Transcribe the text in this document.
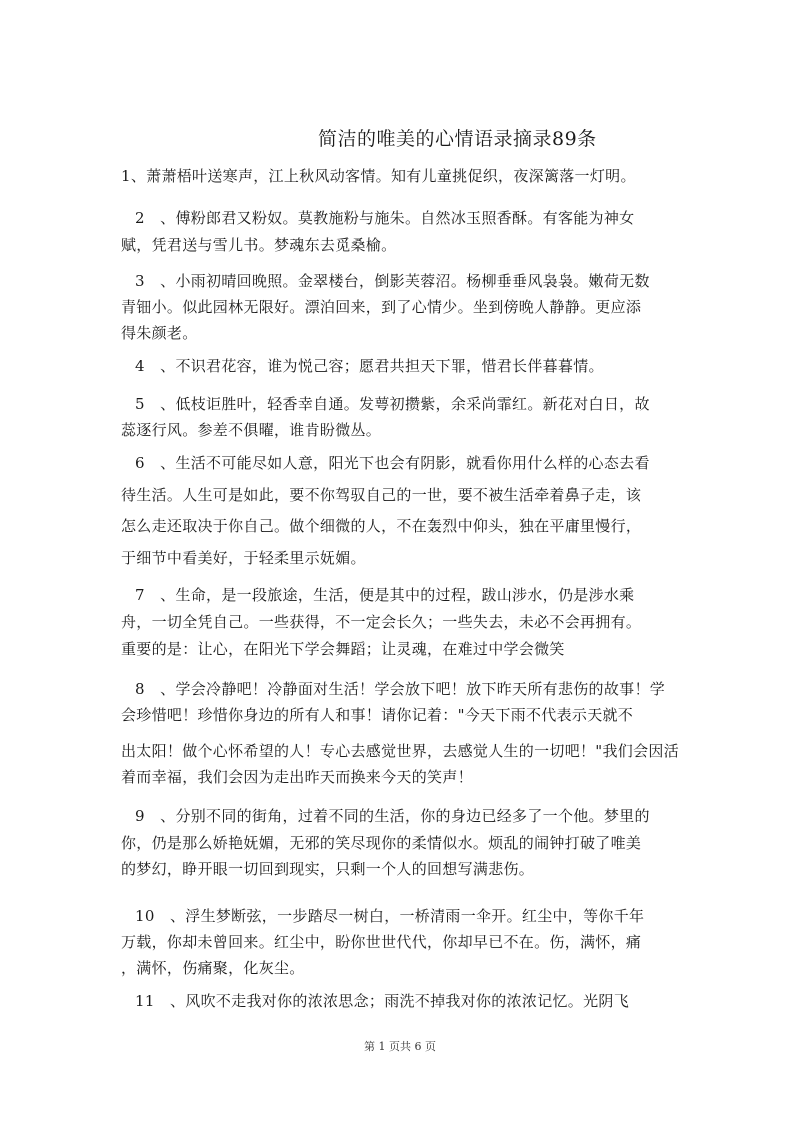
简洁的唯美的心情语录摘录89条
1、萧萧梧叶送寒声，江上秋风动客情。知有儿童挑促织，夜深篱落一灯明。
2　、傅粉郎君又粉奴。莫教施粉与施朱。自然冰玉照香酥。有客能为神女
赋，凭君送与雪儿书。梦魂东去觅桑榆。
3　、小雨初晴回晚照。金翠楼台，倒影芙蓉沼。杨柳垂垂风袅袅。嫩荷无数
青钿小。似此园林无限好。漂泊回来，到了心情少。坐到傍晚人静静。更应添
得朱颜老。
4　、不识君花容，谁为悦己容；愿君共担天下罪，惜君长伴暮暮情。
5　、低枝讵胜叶，轻香幸自通。发萼初攒紫，余采尚霏红。新花对白日，故
蕊逐行风。参差不俱曜，谁肯盼微丛。
6　、生活不可能尽如人意，阳光下也会有阴影，就看你用什么样的心态去看
待生活。人生可是如此，要不你驾驭自己的一世，要不被生活牵着鼻子走，该
怎么走还取决于你自己。做个细微的人，不在轰烈中仰头，独在平庸里慢行，
于细节中看美好，于轻柔里示妩媚。
7　、生命，是一段旅途，生活，便是其中的过程，跋山涉水，仍是涉水乘
舟，一切全凭自己。一些获得，不一定会长久；一些失去，未必不会再拥有。
重要的是：让心，在阳光下学会舞蹈；让灵魂，在难过中学会微笑
8　、学会冷静吧！冷静面对生活！学会放下吧！放下昨天所有悲伤的故事！学
会珍惜吧！珍惜你身边的所有人和事！请你记着："今天下雨不代表示天就不
出太阳！做个心怀希望的人！专心去感觉世界，去感觉人生的一切吧！"我们会因活
着而幸福，我们会因为走出昨天而换来今天的笑声！
9　、分别不同的街角，过着不同的生活，你的身边已经多了一个他。梦里的
你，仍是那么娇艳妩媚，无邪的笑尽现你的柔情似水。烦乱的闹钟打破了唯美
的梦幻，睁开眼一切回到现实，只剩一个人的回想写满悲伤。
10　、浮生梦断弦，一步踏尽一树白，一桥清雨一伞开。红尘中，等你千年
万载，你却未曾回来。红尘中，盼你世世代代，你却早已不在。伤，满怀，痛
，满怀，伤痛聚，化灰尘。
11　、风吹不走我对你的浓浓思念；雨洗不掉我对你的浓浓记忆。光阴飞
第 1 页共 6 页
